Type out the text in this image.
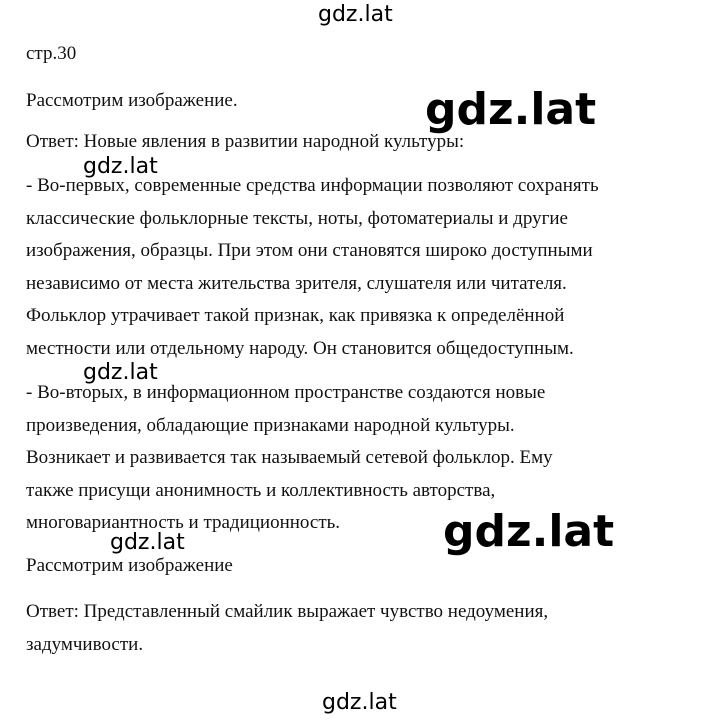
стр.30

Рассмотрим изображение.

Ответ: Новые явления в развитии народной культуры:

- Во-первых, современные средства информации позволяют сохранять
классические фольклорные тексты, ноты, фотоматериалы и другие
изображения, образцы. При этом они становятся широко доступными
независимо от места жительства зрителя, слушателя или читателя.
Фольклор утрачивает такой признак, как привязка к определённой
местности или отдельному народу. Он становится общедоступным.
- Во-вторых, в информационном пространстве создаются новые
произведения, обладающие признаками народной культуры.
Возникает и развивается так называемый сетевой фольклор. Ему
также присущи анонимность и коллективность авторства,
многовариантность и традиционность.

Рассмотрим изображение

Ответ: Представленный смайлик выражает чувство недоумения,
задумчивости.
gdz.lat
gdz.lat
gdz.lat
gdz.lat
gdz.lat
gdz.lat
gdz.lat
